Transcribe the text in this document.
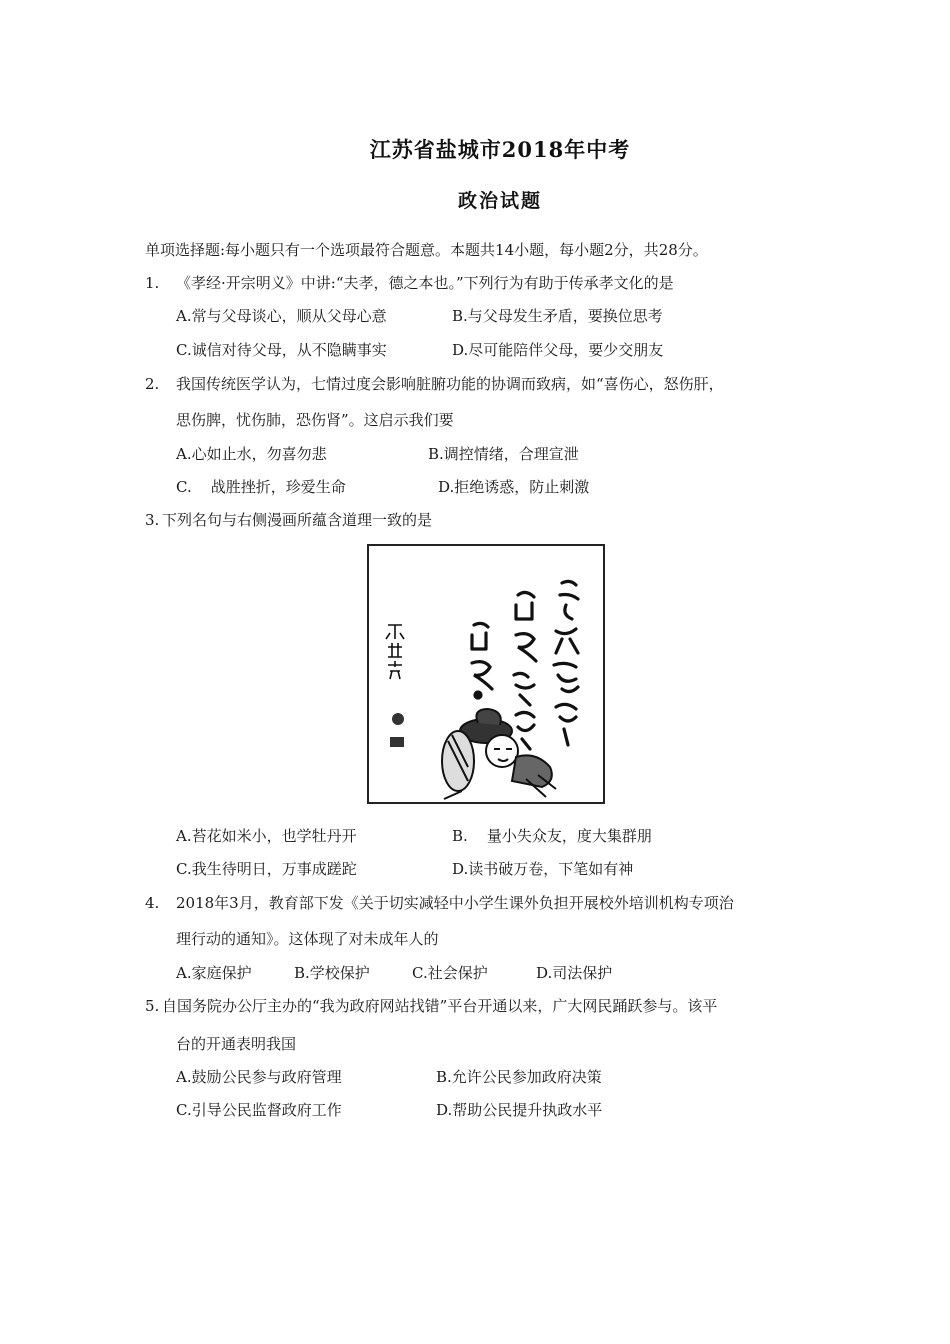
江苏省盐城市2018年中考
政治试题
单项选择题:每小题只有一个选项最符合题意。本题共14小题，每小题2分，共28分。
1. 《孝经·开宗明义》中讲:“夫孝，德之本也。”下列行为有助于传承孝文化的是
A.常与父母谈心，顺从父母心意	B.与父母发生矛盾，要换位思考
C.诚信对待父母，从不隐瞒事实	D.尽可能陪伴父母，要少交朋友
2. 我国传统医学认为，七情过度会影响脏腑功能的协调而致病，如“喜伤心，怒伤肝，
思伤脾，忧伤肺，恐伤肾”。这启示我们要
A.心如止水，勿喜勿悲	B.调控情绪，合理宣泄
C.    战胜挫折，珍爱生命	D.拒绝诱惑，防止刺激
3. 下列名句与右侧漫画所蕴含道理一致的是
A.苔花如米小，也学牡丹开	B.    量小失众友，度大集群朋
C.我生待明日，万事成蹉跎	D.读书破万卷，下笔如有神
4. 2018年3月，教育部下发《关于切实减轻中小学生课外负担开展校外培训机构专项治
理行动的通知》。这体现了对未成年人的
A.家庭保护	B.学校保护	C.社会保护	D.司法保护
5. 自国务院办公厅主办的“我为政府网站找错”平台开通以来，广大网民踊跃参与。该平
台的开通表明我国
A.鼓励公民参与政府管理	B.允许公民参加政府决策
C.引导公民监督政府工作	D.帮助公民提升执政水平
